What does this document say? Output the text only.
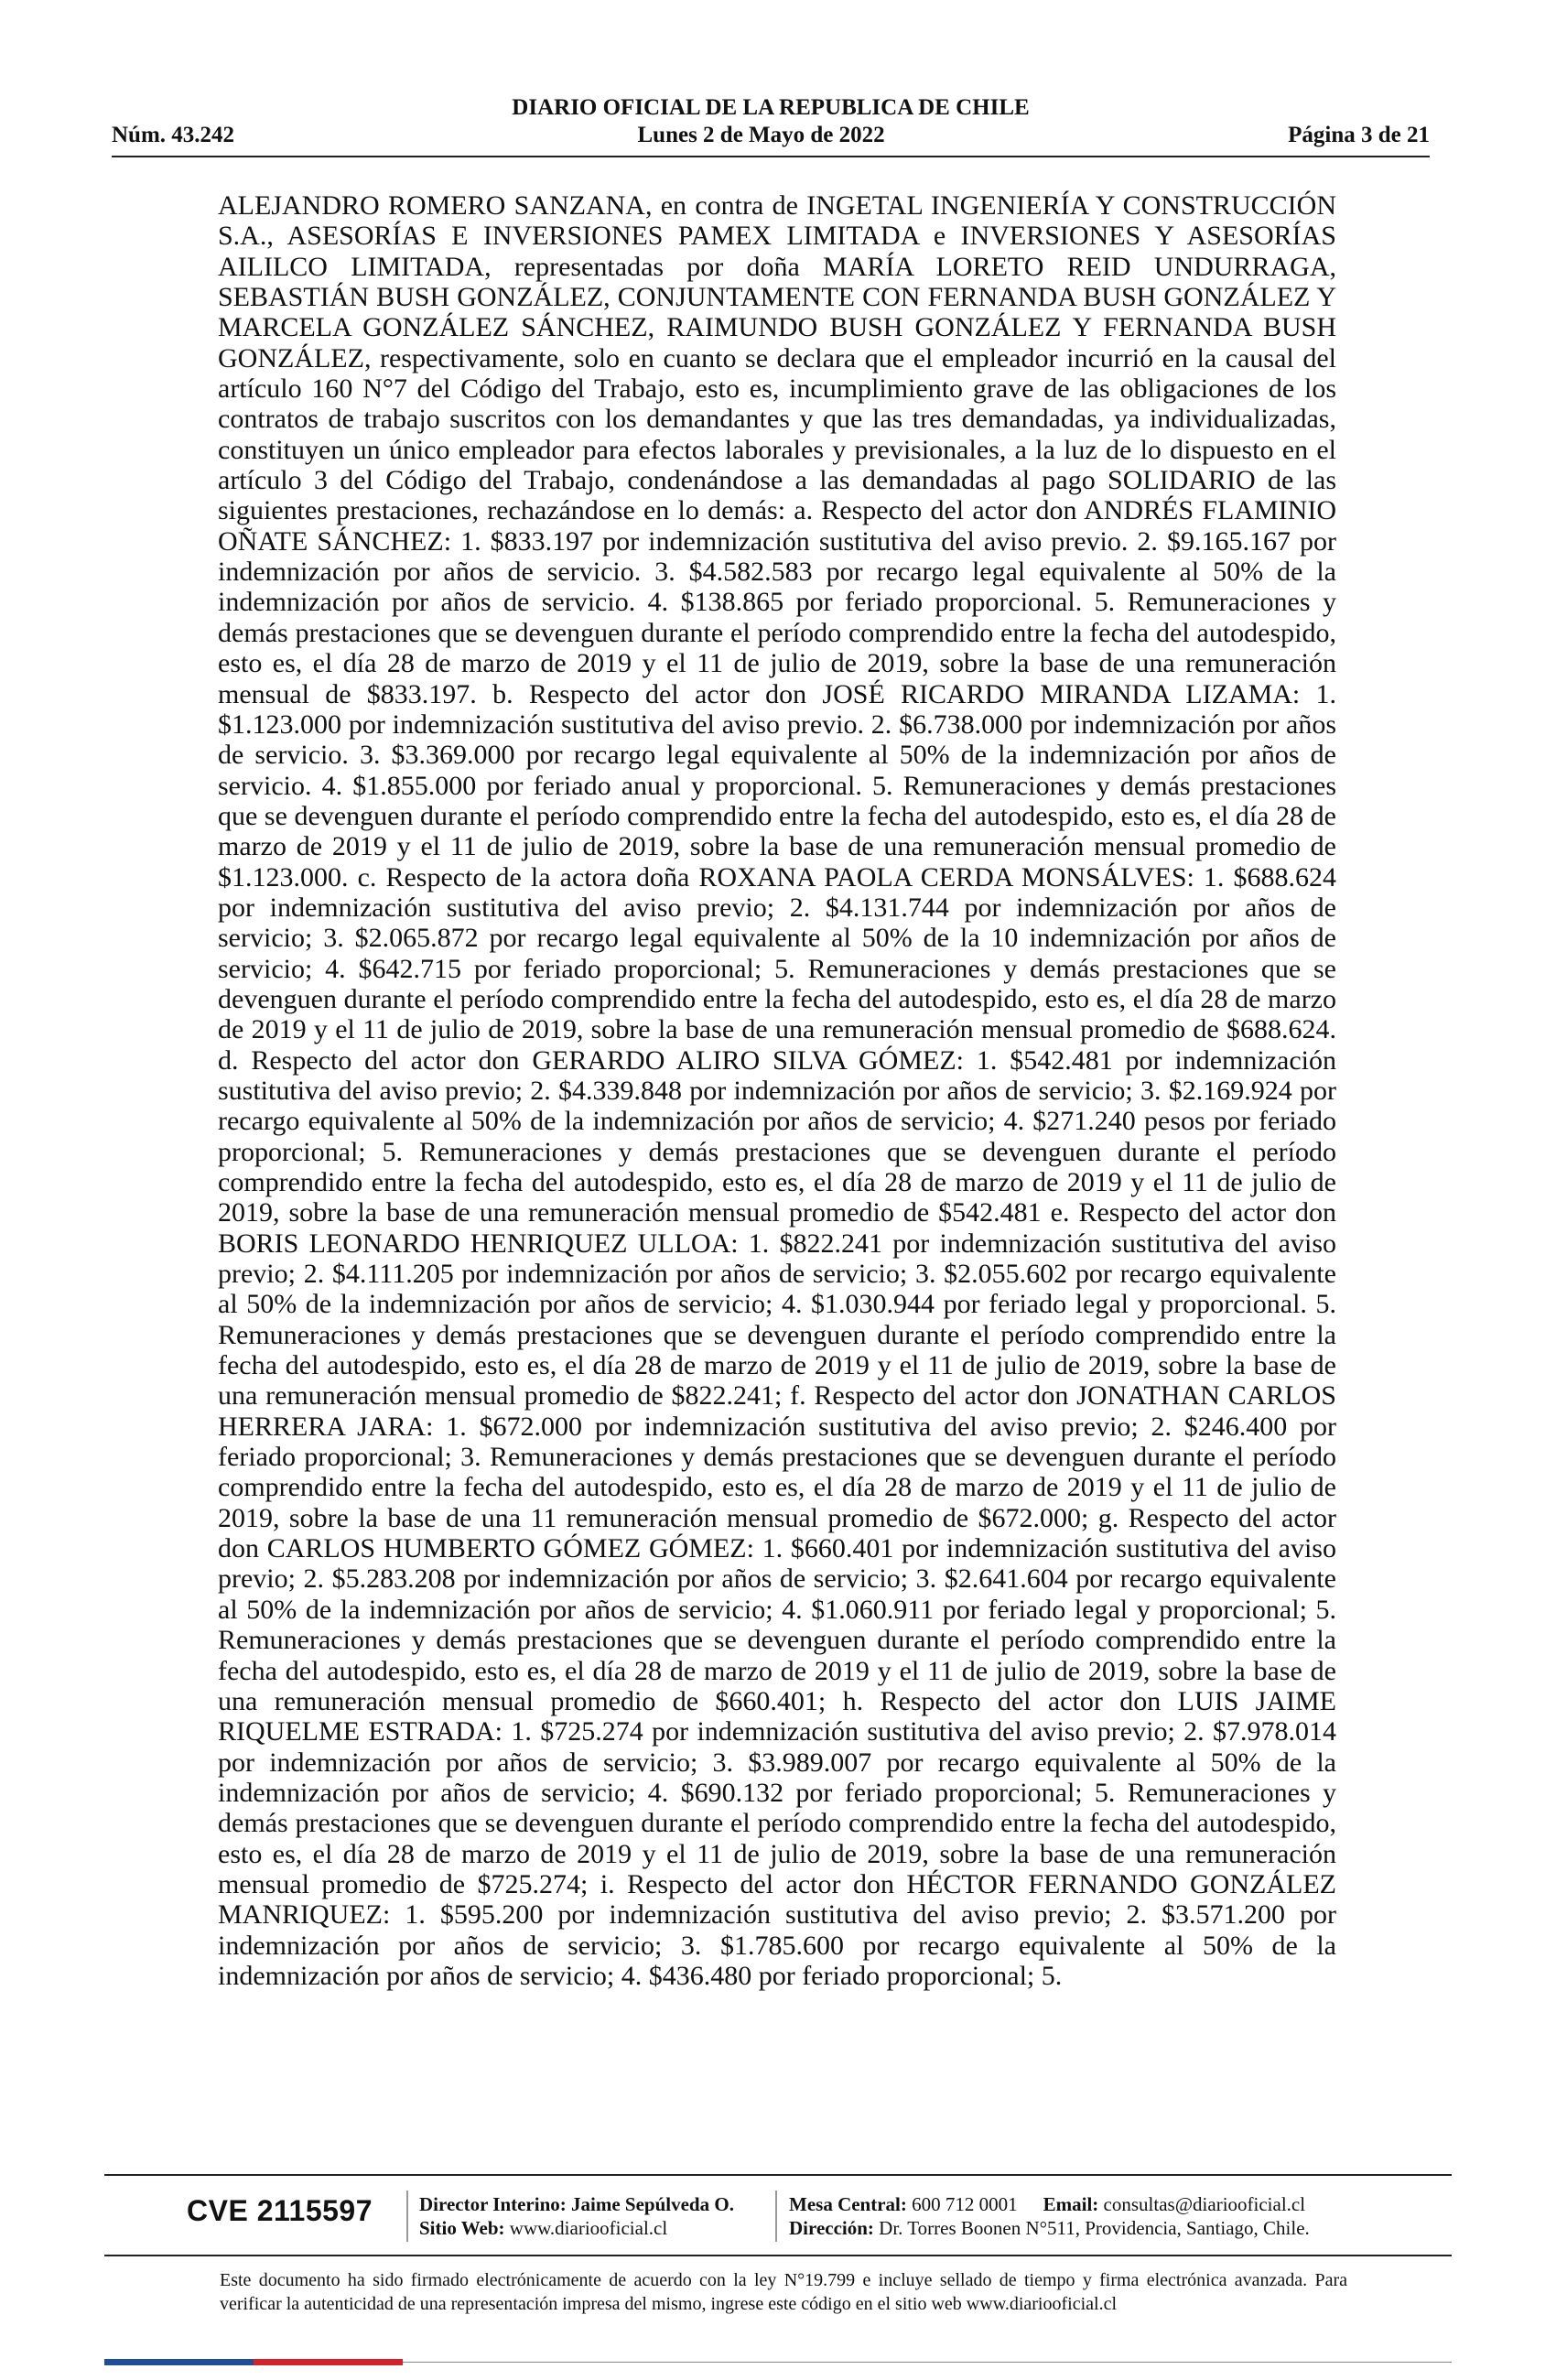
DIARIO OFICIAL DE LA REPUBLICA DE CHILE
Núm. 43.242	Lunes 2 de Mayo de 2022	Página 3 de 21

ALEJANDRO ROMERO SANZANA, en contra de INGETAL INGENIERÍA Y CONSTRUCCIÓN S.A., ASESORÍAS E INVERSIONES PAMEX LIMITADA e INVERSIONES Y ASESORÍAS AILILCO LIMITADA, representadas por doña MARÍA LORETO REID UNDURRAGA, SEBASTIÁN BUSH GONZÁLEZ, CONJUNTAMENTE CON FERNANDA BUSH GONZÁLEZ Y MARCELA GONZÁLEZ SÁNCHEZ, RAIMUNDO BUSH GONZÁLEZ Y FERNANDA BUSH GONZÁLEZ, respectivamente, solo en cuanto se declara que el empleador incurrió en la causal del artículo 160 N°7 del Código del Trabajo, esto es, incumplimiento grave de las obligaciones de los contratos de trabajo suscritos con los demandantes y que las tres demandadas, ya individualizadas, constituyen un único empleador para efectos laborales y previsionales, a la luz de lo dispuesto en el artículo 3 del Código del Trabajo, condenándose a las demandadas al pago SOLIDARIO de las siguientes prestaciones, rechazándose en lo demás: a. Respecto del actor don ANDRÉS FLAMINIO OÑATE SÁNCHEZ: 1. $833.197 por indemnización sustitutiva del aviso previo. 2. $9.165.167 por indemnización por años de servicio. 3. $4.582.583 por recargo legal equivalente al 50% de la indemnización por años de servicio. 4. $138.865 por feriado proporcional. 5. Remuneraciones y demás prestaciones que se devenguen durante el período comprendido entre la fecha del autodespido, esto es, el día 28 de marzo de 2019 y el 11 de julio de 2019, sobre la base de una remuneración mensual de $833.197. b. Respecto del actor don JOSÉ RICARDO MIRANDA LIZAMA: 1. $1.123.000 por indemnización sustitutiva del aviso previo. 2. $6.738.000 por indemnización por años de servicio. 3. $3.369.000 por recargo legal equivalente al 50% de la indemnización por años de servicio. 4. $1.855.000 por feriado anual y proporcional. 5. Remuneraciones y demás prestaciones que se devenguen durante el período comprendido entre la fecha del autodespido, esto es, el día 28 de marzo de 2019 y el 11 de julio de 2019, sobre la base de una remuneración mensual promedio de $1.123.000. c. Respecto de la actora doña ROXANA PAOLA CERDA MONSÁLVES: 1. $688.624 por indemnización sustitutiva del aviso previo; 2. $4.131.744 por indemnización por años de servicio; 3. $2.065.872 por recargo legal equivalente al 50% de la 10 indemnización por años de servicio; 4. $642.715 por feriado proporcional; 5. Remuneraciones y demás prestaciones que se devenguen durante el período comprendido entre la fecha del autodespido, esto es, el día 28 de marzo de 2019 y el 11 de julio de 2019, sobre la base de una remuneración mensual promedio de $688.624. d. Respecto del actor don GERARDO ALIRO SILVA GÓMEZ: 1. $542.481 por indemnización sustitutiva del aviso previo; 2. $4.339.848 por indemnización por años de servicio; 3. $2.169.924 por recargo equivalente al 50% de la indemnización por años de servicio; 4. $271.240 pesos por feriado proporcional; 5. Remuneraciones y demás prestaciones que se devenguen durante el período comprendido entre la fecha del autodespido, esto es, el día 28 de marzo de 2019 y el 11 de julio de 2019, sobre la base de una remuneración mensual promedio de $542.481 e. Respecto del actor don BORIS LEONARDO HENRIQUEZ ULLOA: 1. $822.241 por indemnización sustitutiva del aviso previo; 2. $4.111.205 por indemnización por años de servicio; 3. $2.055.602 por recargo equivalente al 50% de la indemnización por años de servicio; 4. $1.030.944 por feriado legal y proporcional. 5. Remuneraciones y demás prestaciones que se devenguen durante el período comprendido entre la fecha del autodespido, esto es, el día 28 de marzo de 2019 y el 11 de julio de 2019, sobre la base de una remuneración mensual promedio de $822.241; f. Respecto del actor don JONATHAN CARLOS HERRERA JARA: 1. $672.000 por indemnización sustitutiva del aviso previo; 2. $246.400 por feriado proporcional; 3. Remuneraciones y demás prestaciones que se devenguen durante el período comprendido entre la fecha del autodespido, esto es, el día 28 de marzo de 2019 y el 11 de julio de 2019, sobre la base de una 11 remuneración mensual promedio de $672.000; g. Respecto del actor don CARLOS HUMBERTO GÓMEZ GÓMEZ: 1. $660.401 por indemnización sustitutiva del aviso previo; 2. $5.283.208 por indemnización por años de servicio; 3. $2.641.604 por recargo equivalente al 50% de la indemnización por años de servicio; 4. $1.060.911 por feriado legal y proporcional; 5. Remuneraciones y demás prestaciones que se devenguen durante el período comprendido entre la fecha del autodespido, esto es, el día 28 de marzo de 2019 y el 11 de julio de 2019, sobre la base de una remuneración mensual promedio de $660.401; h. Respecto del actor don LUIS JAIME RIQUELME ESTRADA: 1. $725.274 por indemnización sustitutiva del aviso previo; 2. $7.978.014 por indemnización por años de servicio; 3. $3.989.007 por recargo equivalente al 50% de la indemnización por años de servicio; 4. $690.132 por feriado proporcional; 5. Remuneraciones y demás prestaciones que se devenguen durante el período comprendido entre la fecha del autodespido, esto es, el día 28 de marzo de 2019 y el 11 de julio de 2019, sobre la base de una remuneración mensual promedio de $725.274; i. Respecto del actor don HÉCTOR FERNANDO GONZÁLEZ MANRIQUEZ: 1. $595.200 por indemnización sustitutiva del aviso previo; 2. $3.571.200 por indemnización por años de servicio; 3. $1.785.600 por recargo equivalente al 50% de la indemnización por años de servicio; 4. $436.480 por feriado proporcional; 5.

CVE 2115597 Director Interino: Jaime Sepúlveda O.
Sitio Web: www.diariooficial.cl
Mesa Central: 600 712 0001 Email: consultas@diariooficial.cl
Dirección: Dr. Torres Boonen N°511, Providencia, Santiago, Chile.
Este documento ha sido firmado electrónicamente de acuerdo con la ley N°19.799 e incluye sellado de tiempo y firma electrónica avanzada. Para verificar la autenticidad de una representación impresa del mismo, ingrese este código en el sitio web www.diariooficial.cl
